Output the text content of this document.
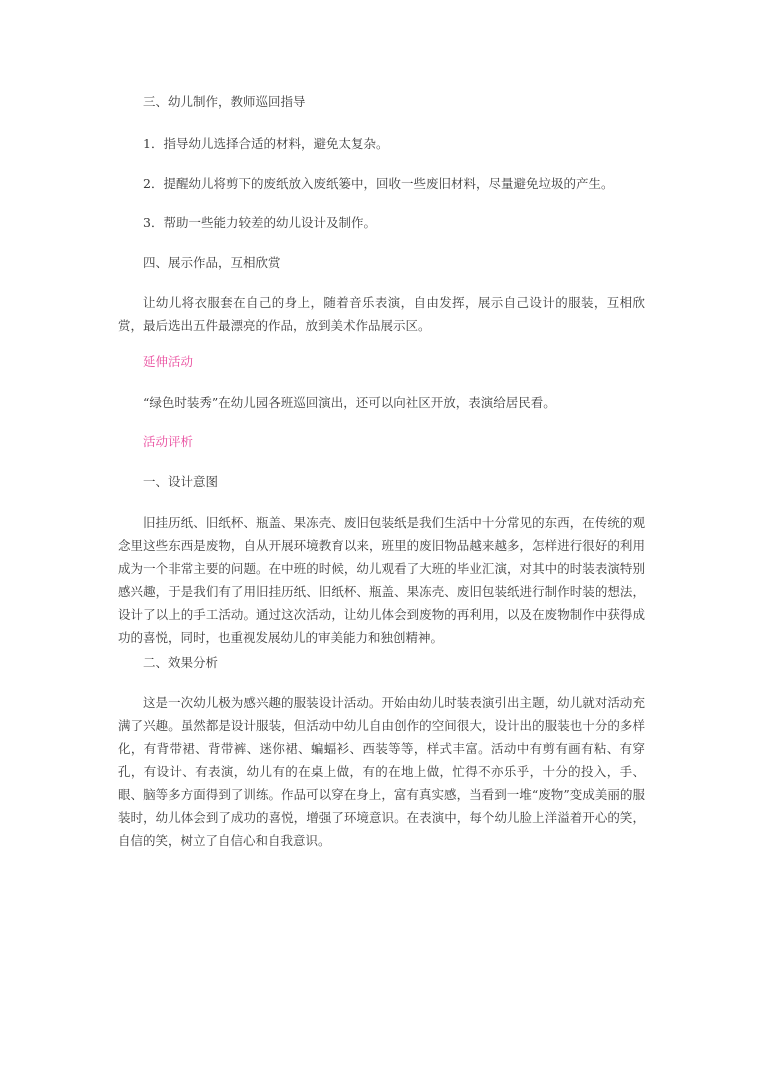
三、幼儿制作，教师巡回指导
1．指导幼儿选择合适的材料，避免太复杂。
2．提醒幼儿将剪下的废纸放入废纸篓中，回收一些废旧材料，尽量避免垃圾的产生。
3．帮助一些能力较差的幼儿设计及制作。
四、展示作品，互相欣赏
让幼儿将衣服套在自己的身上，随着音乐表演，自由发挥，展示自己设计的服装，互相欣赏，最后选出五件最漂亮的作品，放到美术作品展示区。
延伸活动
“绿色时装秀”在幼儿园各班巡回演出，还可以向社区开放，表演给居民看。
活动评析
一、设计意图
旧挂历纸、旧纸杯、瓶盖、果冻壳、废旧包装纸是我们生活中十分常见的东西，在传统的观念里这些东西是废物，自从开展环境教育以来，班里的废旧物品越来越多，怎样进行很好的利用成为一个非常主要的问题。在中班的时候，幼儿观看了大班的毕业汇演，对其中的时装表演特别感兴趣，于是我们有了用旧挂历纸、旧纸杯、瓶盖、果冻壳、废旧包装纸进行制作时装的想法，设计了以上的手工活动。通过这次活动，让幼儿体会到废物的再利用，以及在废物制作中获得成功的喜悦，同时，也重视发展幼儿的审美能力和独创精神。
二、效果分析
这是一次幼儿极为感兴趣的服装设计活动。开始由幼儿时装表演引出主题，幼儿就对活动充满了兴趣。虽然都是设计服装，但活动中幼儿自由创作的空间很大，设计出的服装也十分的多样化，有背带裙、背带裤、迷你裙、蝙蝠衫、西装等等，样式丰富。活动中有剪有画有粘、有穿孔，有设计、有表演，幼儿有的在桌上做，有的在地上做，忙得不亦乐乎，十分的投入，手、眼、脑等多方面得到了训练。作品可以穿在身上，富有真实感，当看到一堆“废物”变成美丽的服装时，幼儿体会到了成功的喜悦，增强了环境意识。在表演中，每个幼儿脸上洋溢着开心的笑，自信的笑，树立了自信心和自我意识。
